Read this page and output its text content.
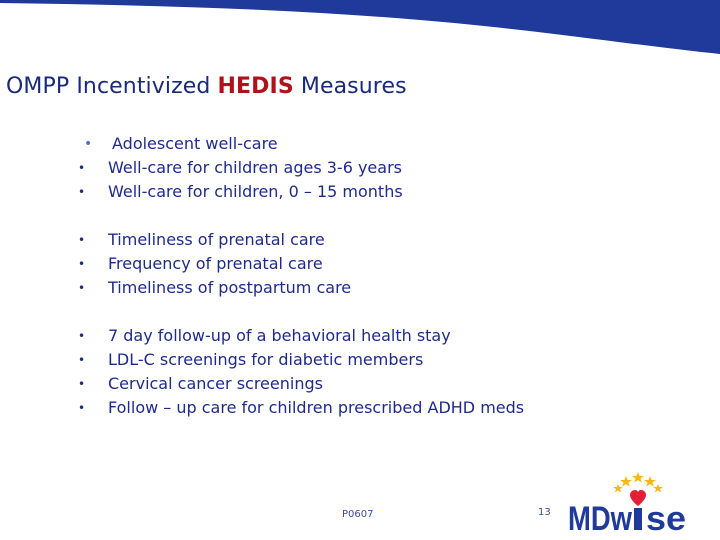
OMPP Incentivized HEDIS Measures
•	Adolescent well-care
•	Well-care for children ages 3-6 years
•	Well-care for children, 0 – 15 months
•	Timeliness of prenatal care
•	Frequency of prenatal care
•	Timeliness of postpartum care
•	7 day follow-up of a behavioral health stay
•	LDL-C screenings for diabetic members
•	Cervical cancer screenings
•	Follow – up care for children prescribed ADHD meds
P0607	13 MDw se
